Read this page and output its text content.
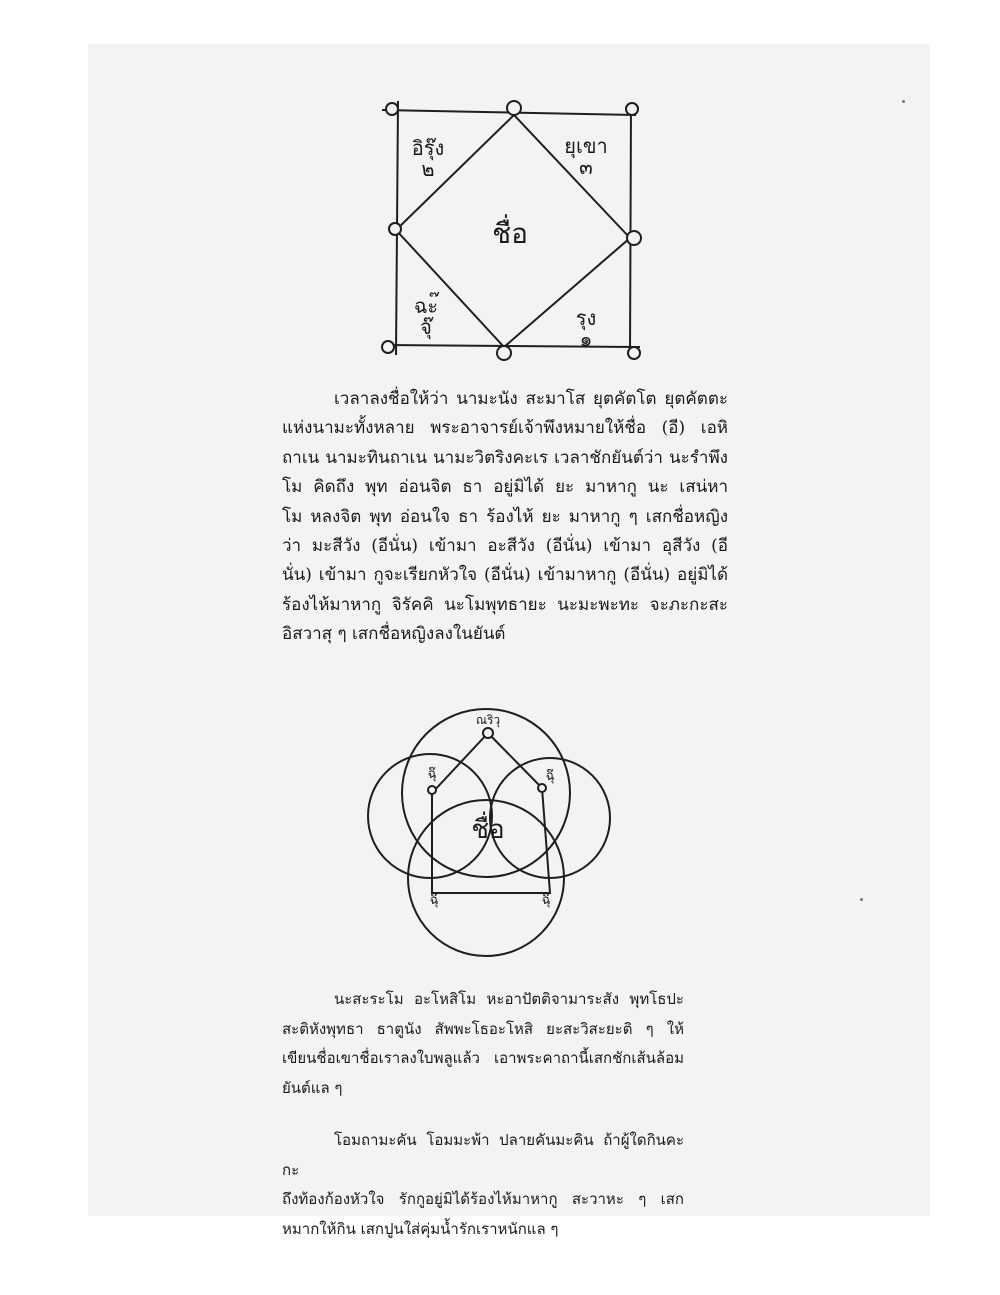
ชื่อ
อิรุ๊ง๒
ยุเขา๓
ฉะ๊จุ๊	รุง๑
เวลาลงชื่อให้ว่า นามะนัง สะมาโส ยุตคัตโต ยุตคัตตะ
แห่งนามะทั้งหลาย พระอาจารย์เจ้าพึงหมายให้ชื่อ (อี) เอหิ
ถาเน นามะทินถาเน นามะวิตริงคะเร เวลาชักยันต์ว่า นะรำพึง
โม คิดถึง พุท อ่อนจิต ธา อยู่มิได้ ยะ มาหากู นะ เสน่หา
โม หลงจิต พุท อ่อนใจ ธา ร้องไห้ ยะ มาหากู ๆ เสกชื่อหญิง
ว่า มะสีวัง (อีนั่น) เข้ามา อะสีวัง (อีนั่น) เข้ามา อุสีวัง (อี
นั่น) เข้ามา กูจะเรียกหัวใจ (อีนั่น) เข้ามาหากู (อีนั่น) อยู่มิได้
ร้องไห้มาหากู จิรัคคิ นะโมพุทธายะ นะมะพะทะ จะภะกะสะ
อิสวาสุ ๆ เสกชื่อหญิงลงในยันต์
ชื่อ
ณริวุ
ฉุ๊	ฉุ๊
ฉุ๊	ฉุ๊
นะสะระโม อะโหสิโม หะอาปัตติจามาระสัง พุทโธปะ
สะติหังพุทธา ธาตูนัง สัพพะโธอะโหสิ ยะสะวิสะยะติ ๆ ให้
เขียนชื่อเขาชื่อเราลงใบพลูแล้ว เอาพระคาถานี้เสกชักเส้นล้อม
ยันต์แล ๆ
โอมถามะคัน โอมมะพ้า ปลายคันมะคิน ถ้าผู้ใดกินคะกะ
ถึงท้องก้องหัวใจ รักกูอยู่มิได้ร้องไห้มาหากู สะวาหะ ๆ เสก
หมากให้กิน เสกปูนใส่คุ่มน้ำรักเราหนักแล ๆ
